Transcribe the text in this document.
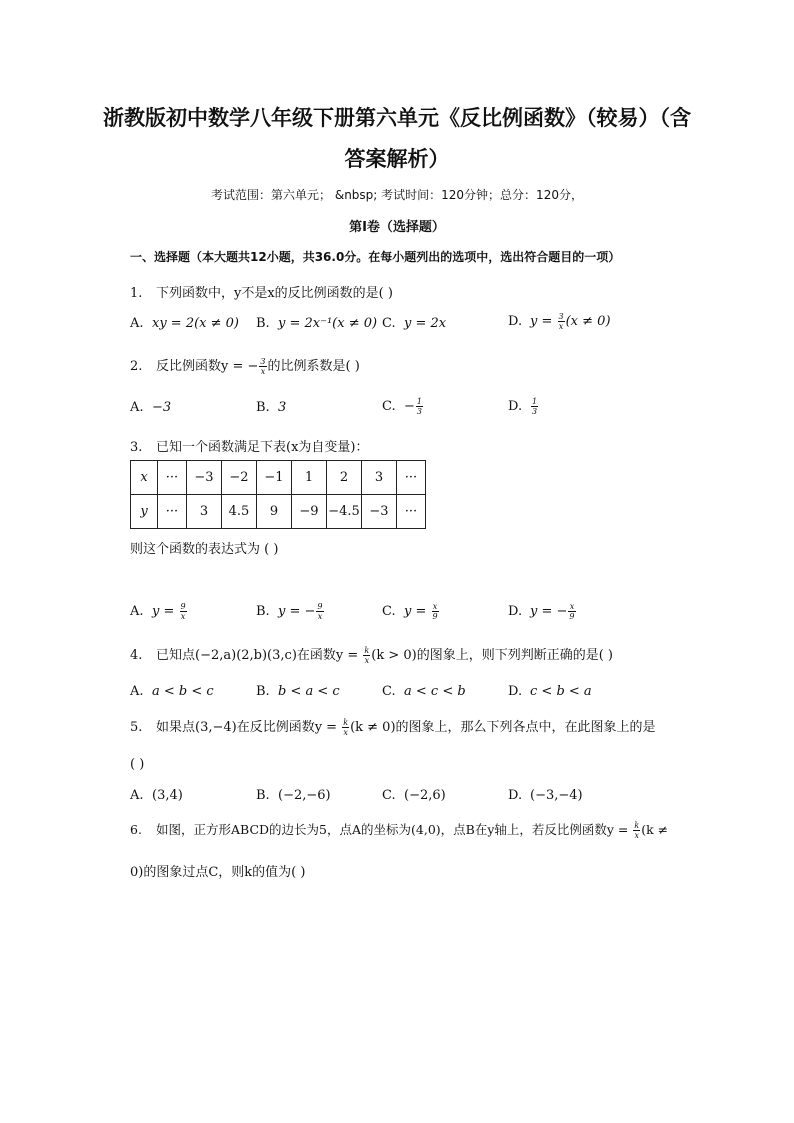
浙教版初中数学八年级下册第六单元《反比例函数》（较易）（含
答案解析）
考试范围：第六单元； &nbsp; 考试时间：120分钟；总分：120分，
第I卷（选择题）
一、选择题（本大题共12小题，共36.0分。在每小题列出的选项中，选出符合题目的一项）
1. 下列函数中，y不是x的反比例函数的是( )
A. xy = 2(x ≠ 0) B. y = 2x⁻¹(x ≠ 0) C. y = 2x	D. $y = \frac{3}{x} (x \ne 0)$
2. 反比例函数y = − $\frac{3}{x}$ 的比例系数是( )
A. −3	B. 3	C. − $\frac{1}{3}$	D. $\frac{1}{3}$
3. 已知一个函数满足下表(x为自变量)：
x	···	−3	−2	−1	1	2	3	···
y	···	3	4.5	9	−9	−4.5	−3	···
则这个函数的表达式为 ( )
A. $y = \frac{9}{x}$	B. y = − $\frac{9}{x}$	C. $y = \frac{x}{9}$	D. y = − $\frac{x}{9}$
4. 已知点(−2,a)(2,b)(3,c)在函数$y = \frac{k}{x} (k > 0)$的图象上，则下列判断正确的是( )
A. a < b < c	B. b < a < c	C. a < c < b	D. c < b < a
5. 如果点(3,−4)在反比例函数$y = \frac{k}{x} (k \ne 0)$的图象上，那么下列各点中，在此图象上的是
( )
A. (3,4)	B. (−2,−6)	C. (−2,6)	D. (−3,−4)
6. 如图，正方形ABCD的边长为5，点A的坐标为(4,0)，点B在y轴上，若反比例函数$y = \frac{k}{x} (k$ ≠
0)的图象过点C，则k的值为( )
